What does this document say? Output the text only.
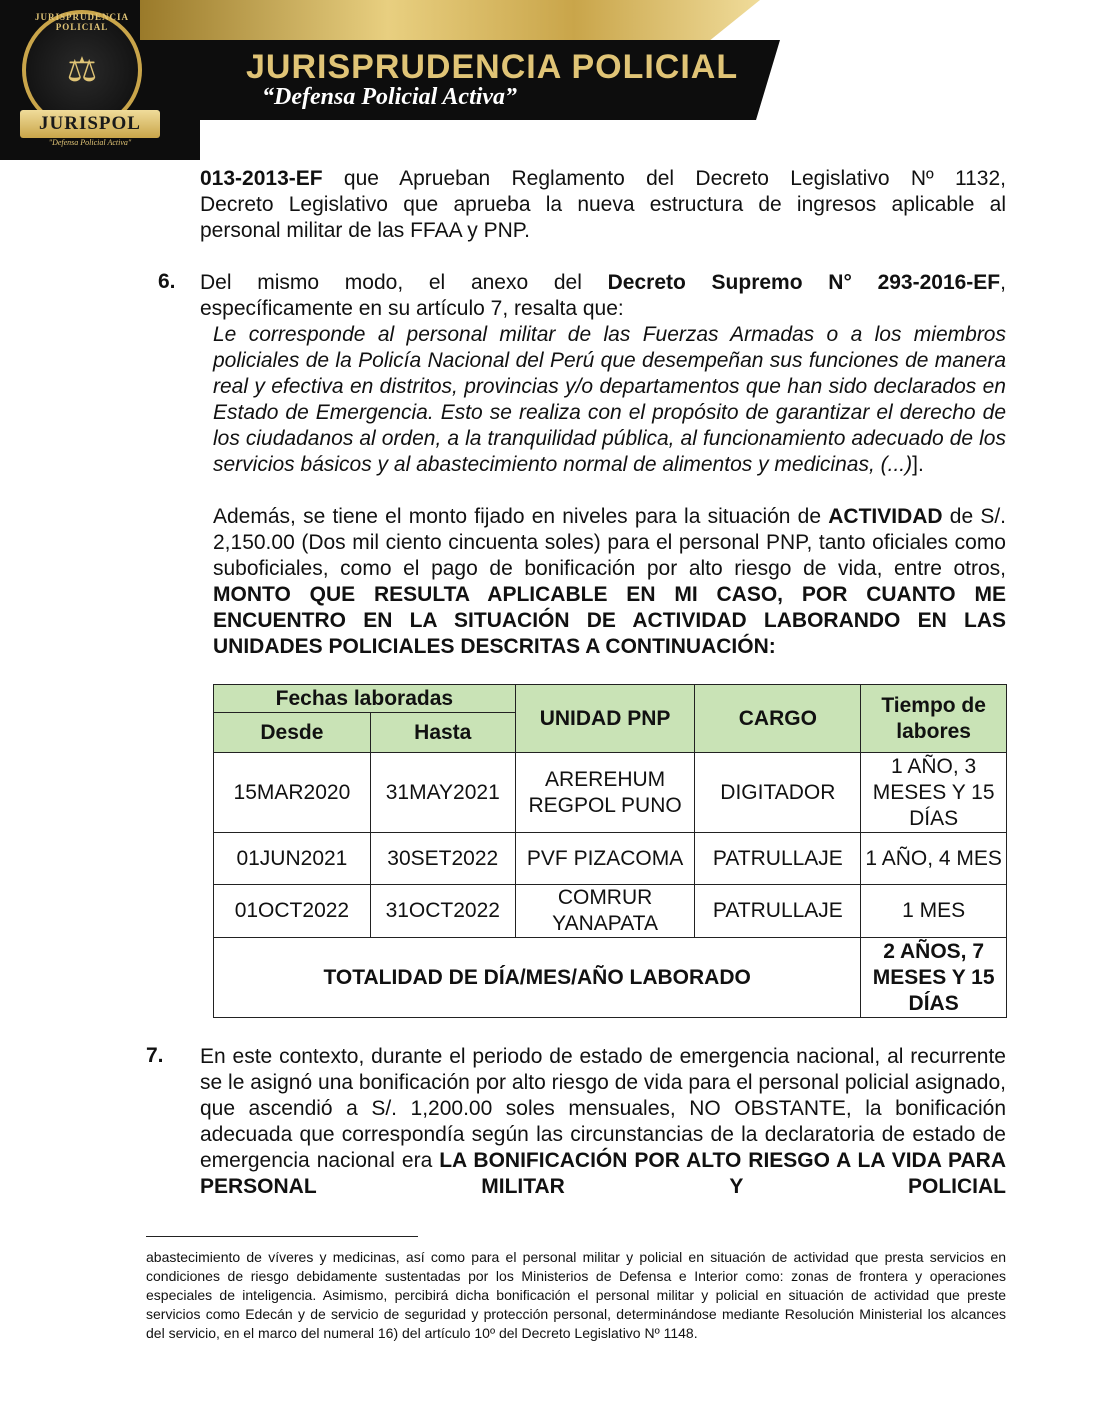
JURISPRUDENCIA POLICIAL
⚖
JURISPOL
"Defensa Policial Activa"
JURISPRUDENCIA POLICIAL
“Defensa Policial Activa”
013-2013-EF que Aprueban Reglamento del Decreto Legislativo Nº 1132,
Decreto Legislativo que aprueba la nueva estructura de ingresos aplicable al
personal militar de las FFAA y PNP.
6. Del mismo modo, el anexo del Decreto Supremo N° 293-2016-EF,
específicamente en su artículo 7, resalta que:
Le corresponde al personal militar de las Fuerzas Armadas o a los miembros policiales de la Policía Nacional del Perú que desempeñan sus funciones de manera real y efectiva en distritos, provincias y/o departamentos que han sido declarados en Estado de Emergencia. Esto se realiza con el propósito de garantizar el derecho de los ciudadanos al orden, a la tranquilidad pública, al funcionamiento adecuado de los servicios básicos y al abastecimiento normal de alimentos y medicinas, (...)].
Además, se tiene el monto fijado en niveles para la situación de ACTIVIDAD de S/. 2,150.00 (Dos mil ciento cincuenta soles) para el personal PNP, tanto oficiales como suboficiales, como el pago de bonificación por alto riesgo de vida, entre otros, MONTO QUE RESULTA APLICABLE EN MI CASO, POR CUANTO ME ENCUENTRO EN LA SITUACIÓN DE ACTIVIDAD LABORANDO EN LAS UNIDADES POLICIALES DESCRITAS A CONTINUACIÓN:
Fechas laboradas		UNIDAD PNP	CARGO	Tiempo de labores
Desde	Hasta			
15MAR2020	31MAY2021	AREREHUM REGPOL PUNO	DIGITADOR	1 AÑO, 3 MESES Y 15 DÍAS
01JUN2021	30SET2022	PVF PIZACOMA	PATRULLAJE	1 AÑO, 4 MES
01OCT2022	31OCT2022	COMRUR YANAPATA	PATRULLAJE	1 MES
TOTALIDAD DE DÍA/MES/AÑO LABORADO				2 AÑOS, 7 MESES Y 15 DÍAS
7. En este contexto, durante el periodo de estado de emergencia nacional, al recurrente se le asignó una bonificación por alto riesgo de vida para el personal policial asignado, que ascendió a S/. 1,200.00 soles mensuales, NO OBSTANTE, la bonificación adecuada que correspondía según las circunstancias de la declaratoria de estado de emergencia nacional era LA BONIFICACIÓN POR ALTO RIESGO A LA VIDA PARA PERSONAL MILITAR Y POLICIAL
abastecimiento de víveres y medicinas, así como para el personal militar y policial en situación de actividad que presta servicios en condiciones de riesgo debidamente sustentadas por los Ministerios de Defensa e Interior como: zonas de frontera y operaciones especiales de inteligencia. Asimismo, percibirá dicha bonificación el personal militar y policial en situación de actividad que preste servicios como Edecán y de servicio de seguridad y protección personal, determinándose mediante Resolución Ministerial los alcances del servicio, en el marco del numeral 16) del artículo 10º del Decreto Legislativo Nº 1148.
